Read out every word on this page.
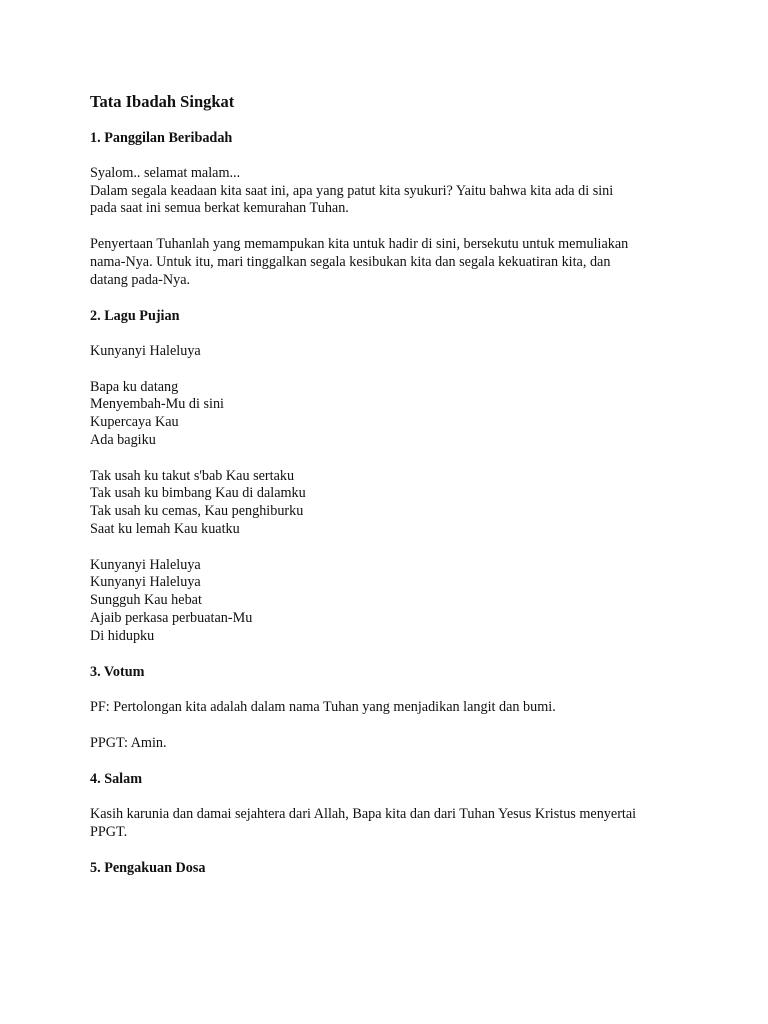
Tata Ibadah Singkat
1. Panggilan Beribadah
Syalom.. selamat malam...
Dalam segala keadaan kita saat ini, apa yang patut kita syukuri? Yaitu bahwa kita ada di sini
pada saat ini semua berkat kemurahan Tuhan.
Penyertaan Tuhanlah yang memampukan kita untuk hadir di sini, bersekutu untuk memuliakan
nama-Nya. Untuk itu, mari tinggalkan segala kesibukan kita dan segala kekuatiran kita, dan
datang pada-Nya.
2. Lagu Pujian
Kunyanyi Haleluya
Bapa ku datang
Menyembah-Mu di sini
Kupercaya Kau
Ada bagiku
Tak usah ku takut s'bab Kau sertaku
Tak usah ku bimbang Kau di dalamku
Tak usah ku cemas, Kau penghiburku
Saat ku lemah Kau kuatku
Kunyanyi Haleluya
Kunyanyi Haleluya
Sungguh Kau hebat
Ajaib perkasa perbuatan-Mu
Di hidupku
3. Votum
PF: Pertolongan kita adalah dalam nama Tuhan yang menjadikan langit dan bumi.
PPGT: Amin.
4. Salam
Kasih karunia dan damai sejahtera dari Allah, Bapa kita dan dari Tuhan Yesus Kristus menyertai
PPGT.
5. Pengakuan Dosa
